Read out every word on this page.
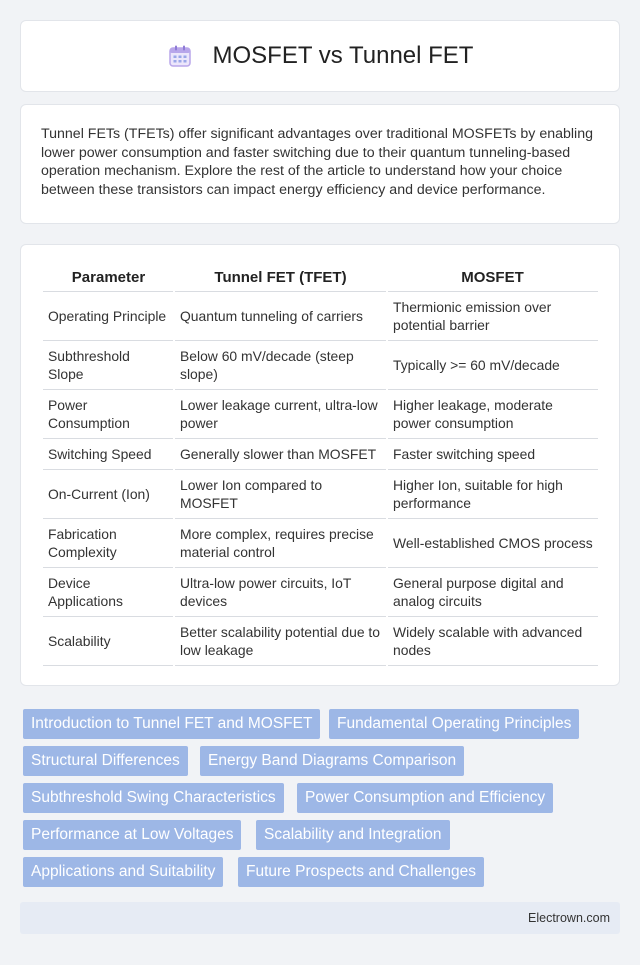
MOSFET vs Tunnel FET

Tunnel FETs (TFETs) offer significant advantages over traditional MOSFETs by enabling lower power consumption and faster switching due to their quantum tunneling-based operation mechanism. Explore the rest of the article to understand how your choice between these transistors can impact energy efficiency and device performance.

Parameter	Tunnel FET (TFET)	MOSFET
Operating Principle	Quantum tunneling of carriers	Thermionic emission over potential barrier
Subthreshold Slope	Below 60 mV/decade (steep slope)	Typically >= 60 mV/decade
Power Consumption	Lower leakage current, ultra-low power	Higher leakage, moderate power consumption
Switching Speed	Generally slower than MOSFET	Faster switching speed
On-Current (Ion)	Lower Ion compared to MOSFET	Higher Ion, suitable for high performance
Fabrication Complexity	More complex, requires precise material control	Well-established CMOS process
Device Applications	Ultra-low power circuits, IoT devices	General purpose digital and analog circuits
Scalability	Better scalability potential due to low leakage	Widely scalable with advanced nodes
Introduction to Tunnel FET and MOSFET	Fundamental Operating Principles
Structural Differences	Energy Band Diagrams Comparison
Subthreshold Swing Characteristics	Power Consumption and Efficiency
Performance at Low Voltages	Scalability and Integration
Applications and Suitability	Future Prospects and Challenges
Electrown.com
